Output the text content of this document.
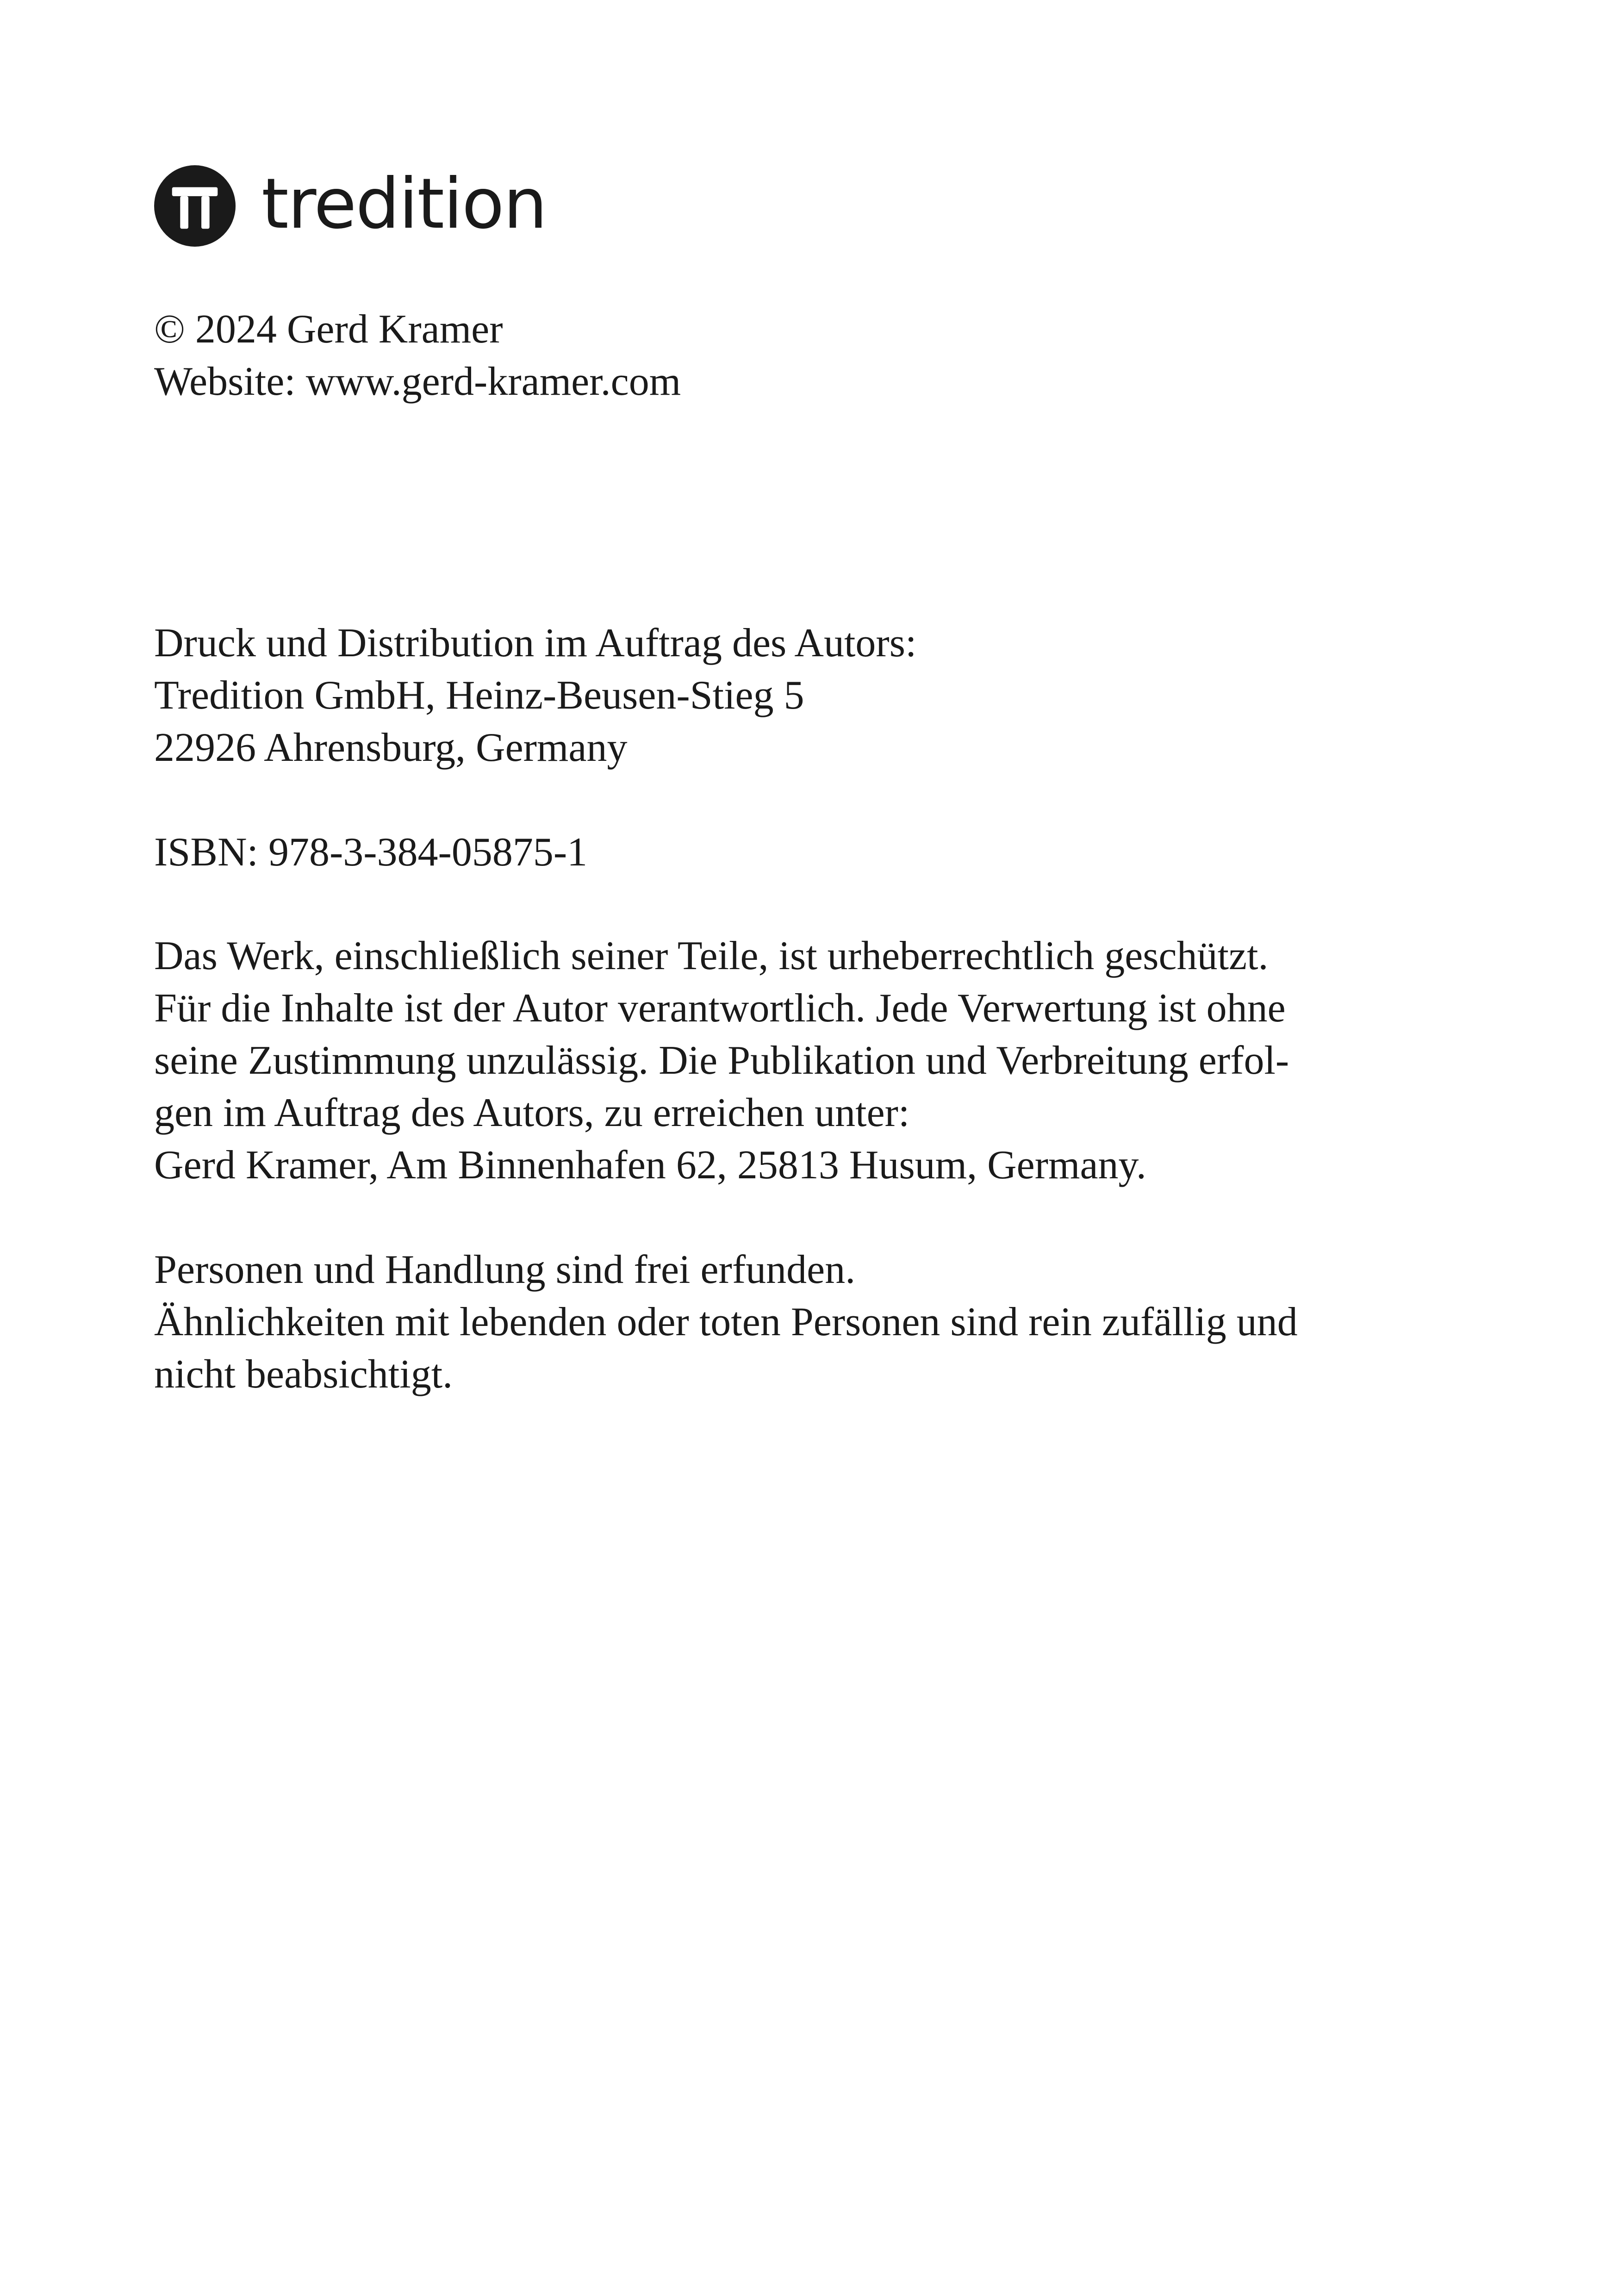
tredition
© 2024 Gerd Kramer
Website: www.gerd-kramer.com
Druck und Distribution im Auftrag des Autors:
Tredition GmbH, Heinz-Beusen-Stieg 5
22926 Ahrensburg, Germany
ISBN: 978-3-384-05875-1
Das Werk, einschließlich seiner Teile, ist urheberrechtlich geschützt.
Für die Inhalte ist der Autor verantwortlich. Jede Verwertung ist ohne
seine Zustimmung unzulässig. Die Publikation und Verbreitung erfol-
gen im Auftrag des Autors, zu erreichen unter:
Gerd Kramer, Am Binnenhafen 62, 25813 Husum, Germany.
Personen und Handlung sind frei erfunden.
Ähnlichkeiten mit lebenden oder toten Personen sind rein zufällig und
nicht beabsichtigt.
